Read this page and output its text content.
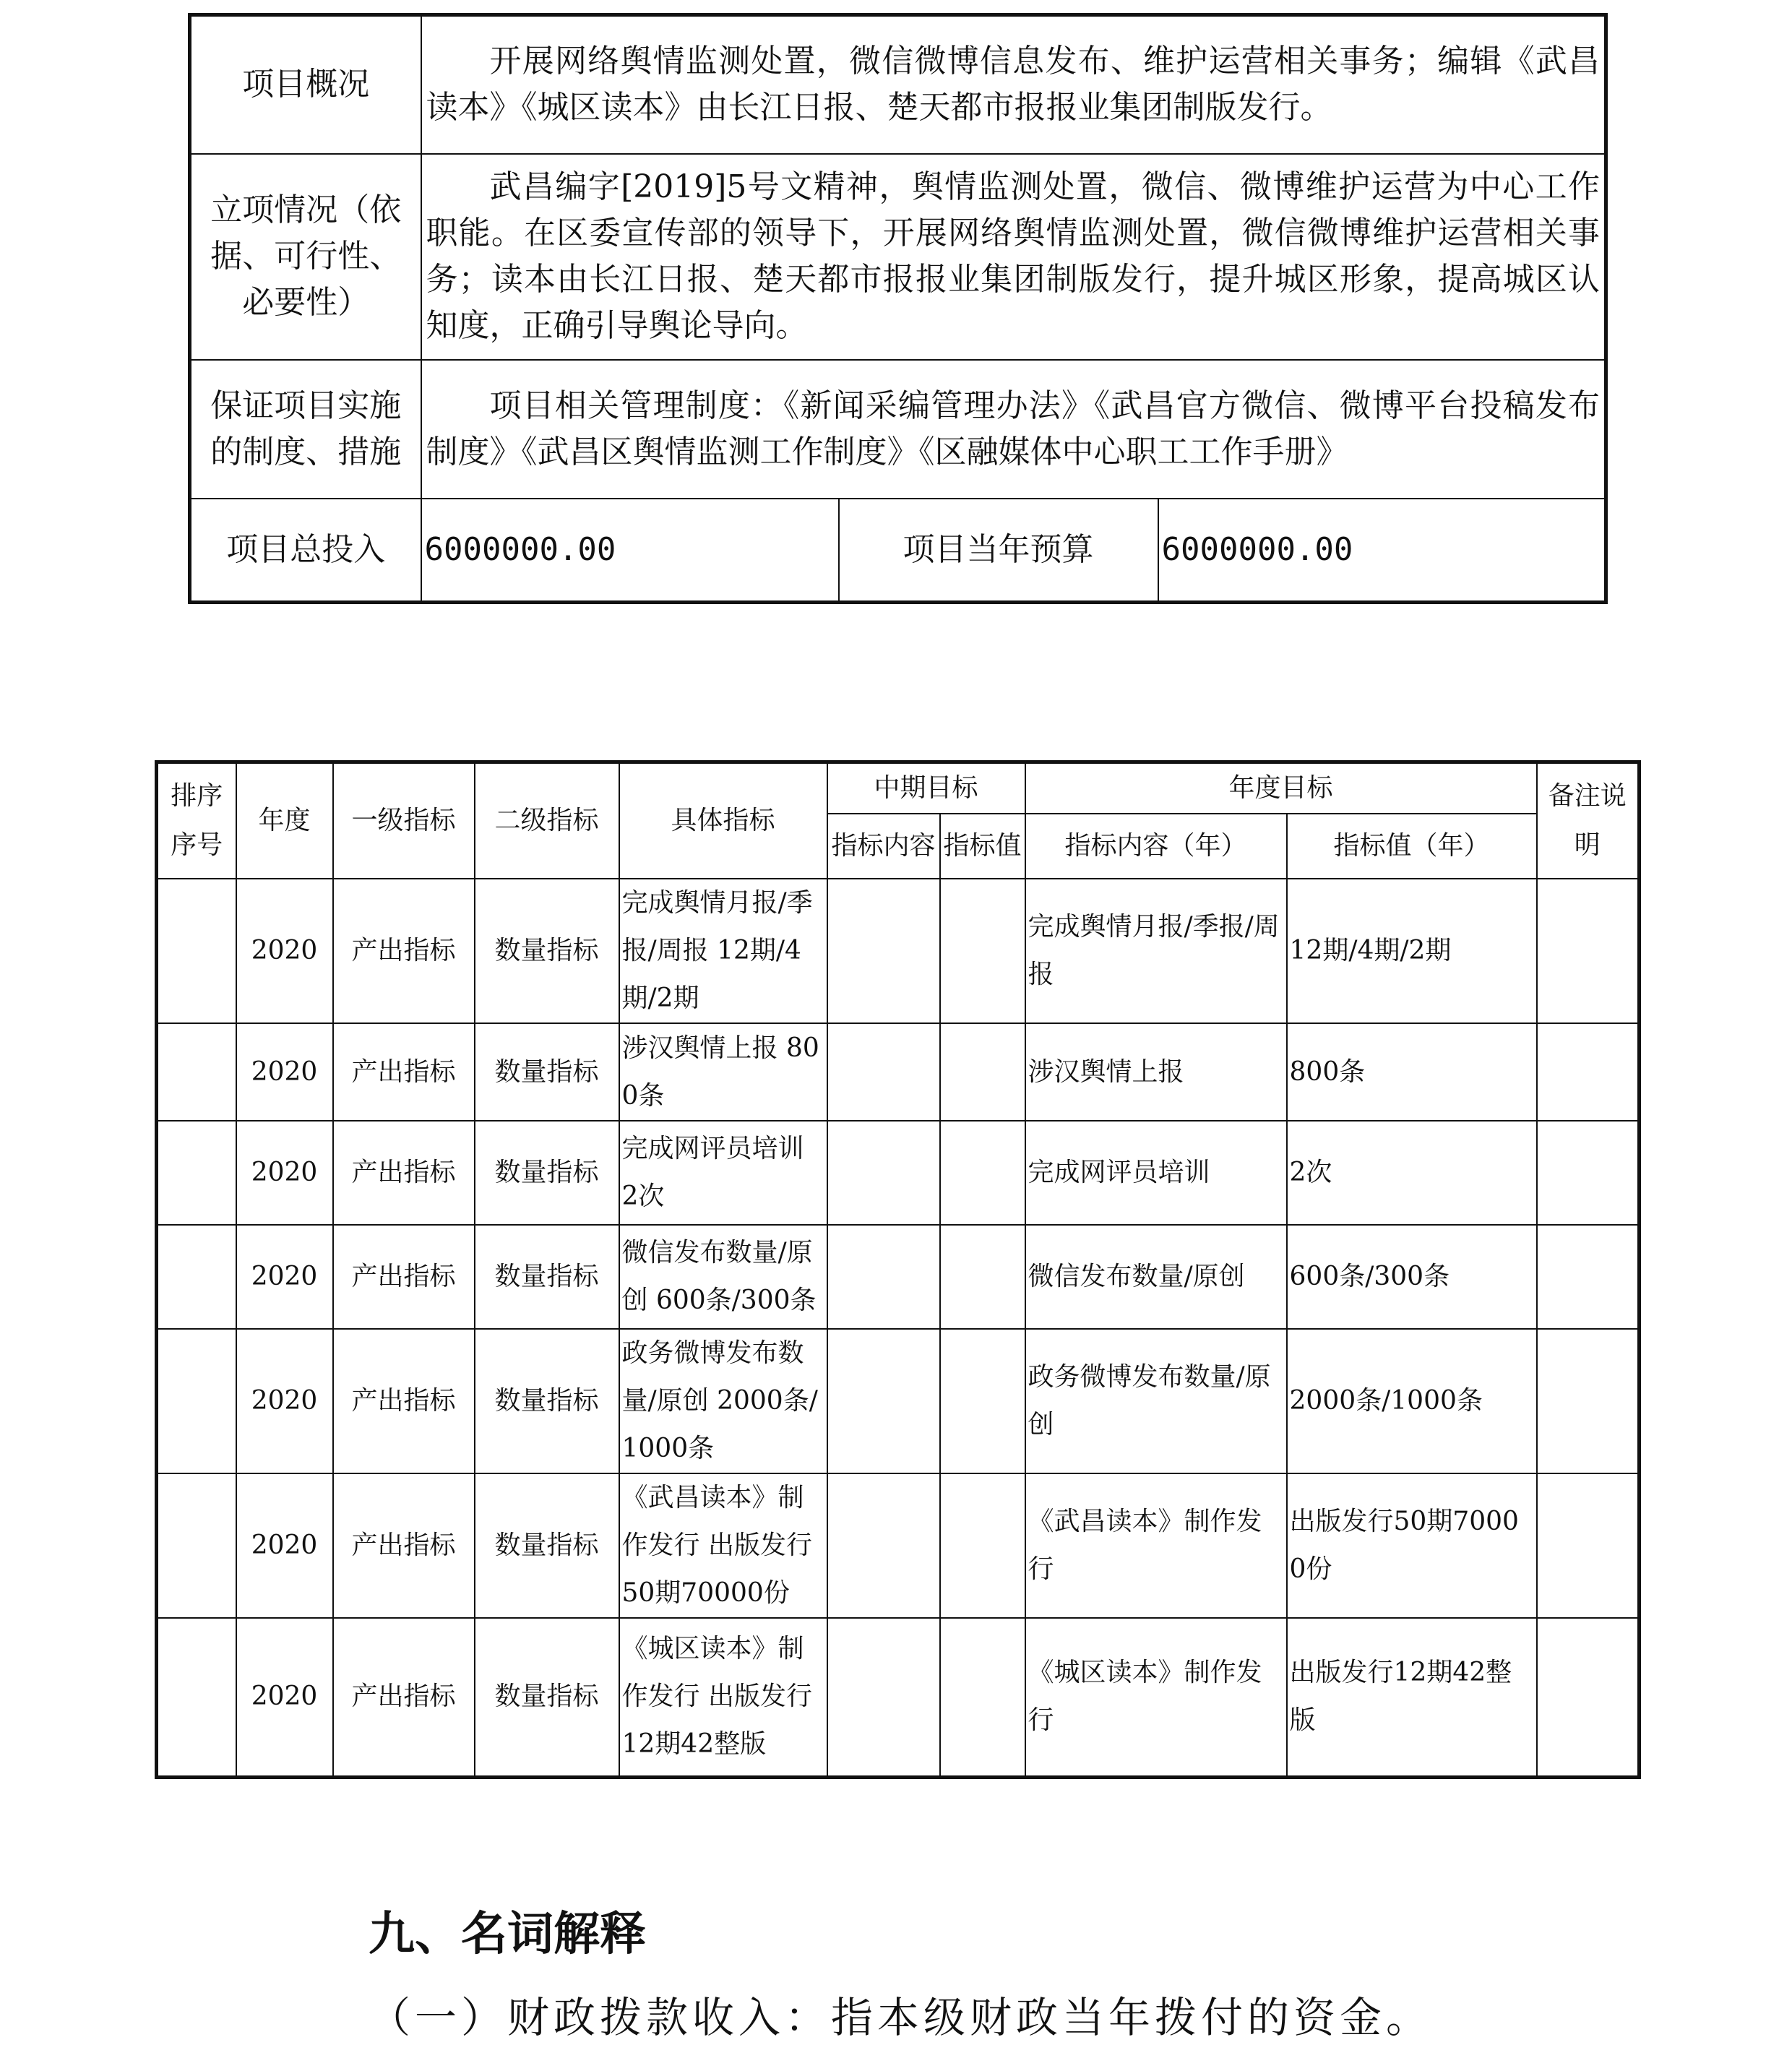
项目概况	开展网络舆情监测处置，微信微博信息发布、维护运营相关事务；编辑《武昌读本》《城区读本》由长江日报、楚天都市报报业集团制版发行。		
立项情况（依据、可行性、必要性）	武昌编字[2019]5号文精神，舆情监测处置，微信、微博维护运营为中心工作职能。在区委宣传部的领导下，开展网络舆情监测处置，微信微博维护运营相关事务；读本由长江日报、楚天都市报报业集团制版发行，提升城区形象，提高城区认知度，正确引导舆论导向。		
保证项目实施的制度、措施	项目相关管理制度：《新闻采编管理办法》《武昌官方微信、微博平台投稿发布制度》《武昌区舆情监测工作制度》《区融媒体中心职工工作手册》		
项目总投入	6000000.00	项目当年预算	6000000.00
排序序号	年度	一级指标	二级指标	具体指标	中期目标		年度目标		备注说明
					指标内容	指标值	指标内容（年）	指标值（年）	
	2020	产出指标	数量指标	完成舆情月报/季报/周报 12期/4期/2期			完成舆情月报/季报/周报	12期/4期/2期	
	2020	产出指标	数量指标	涉汉舆情上报 800条			涉汉舆情上报	800条	
	2020	产出指标	数量指标	完成网评员培训 2次			完成网评员培训	2次	
	2020	产出指标	数量指标	微信发布数量/原创 600条/300条			微信发布数量/原创	600条/300条	
	2020	产出指标	数量指标	政务微博发布数量/原创 2000条/1000条			政务微博发布数量/原创	2000条/1000条	
	2020	产出指标	数量指标	《武昌读本》制作发行 出版发行50期70000份			《武昌读本》制作发行	出版发行50期70000份	
	2020	产出指标	数量指标	《城区读本》制作发行 出版发行12期42整版			《城区读本》制作发行	出版发行12期42整版	
九、名词解释
（一）财政拨款收入：指本级财政当年拨付的资金。
